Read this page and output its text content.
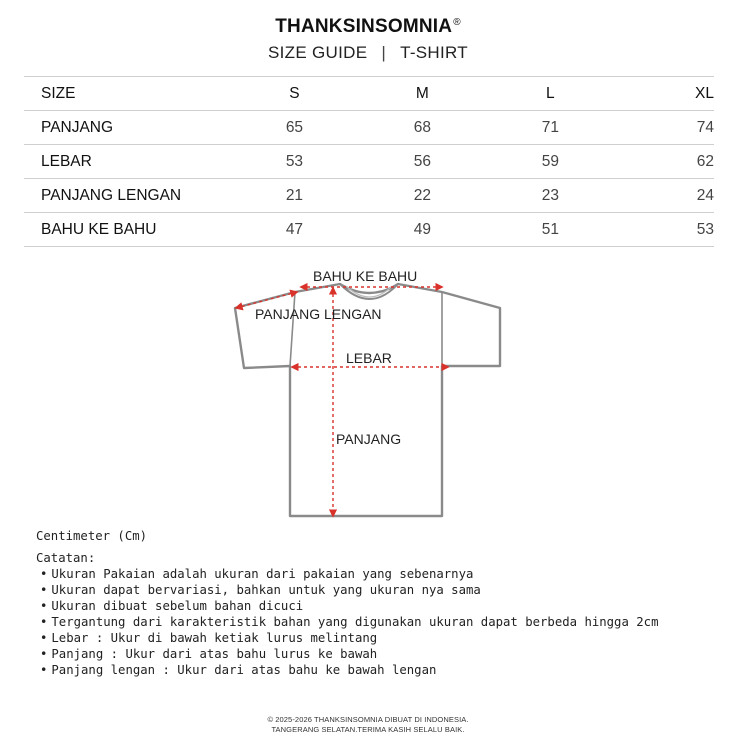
THANKSINSOMNIA®
SIZE GUIDE | T-SHIRT
SIZE	S	M	L	XL
PANJANG	65	68	71	74
LEBAR	53	56	59	62
PANJANG LENGAN	21	22	23	24
BAHU KE BAHU	47	49	51	53
BAHU KE BAHU
PANJANG LENGAN
LEBAR
PANJANG
Centimeter (Cm)
Catatan:
• Ukuran Pakaian adalah ukuran dari pakaian yang sebenarnya
• Ukuran dapat bervariasi, bahkan untuk yang ukuran nya sama
• Ukuran dibuat sebelum bahan dicuci
• Tergantung dari karakteristik bahan yang digunakan ukuran dapat berbeda hingga 2cm
• Lebar : Ukur di bawah ketiak lurus melintang
• Panjang : Ukur dari atas bahu lurus ke bawah
• Panjang lengan : Ukur dari atas bahu ke bawah lengan
© 2025-2026 THANKSINSOMNIA DIBUAT DI INDONESIA.
TANGERANG SELATAN.TERIMA KASIH SELALU BAIK.
